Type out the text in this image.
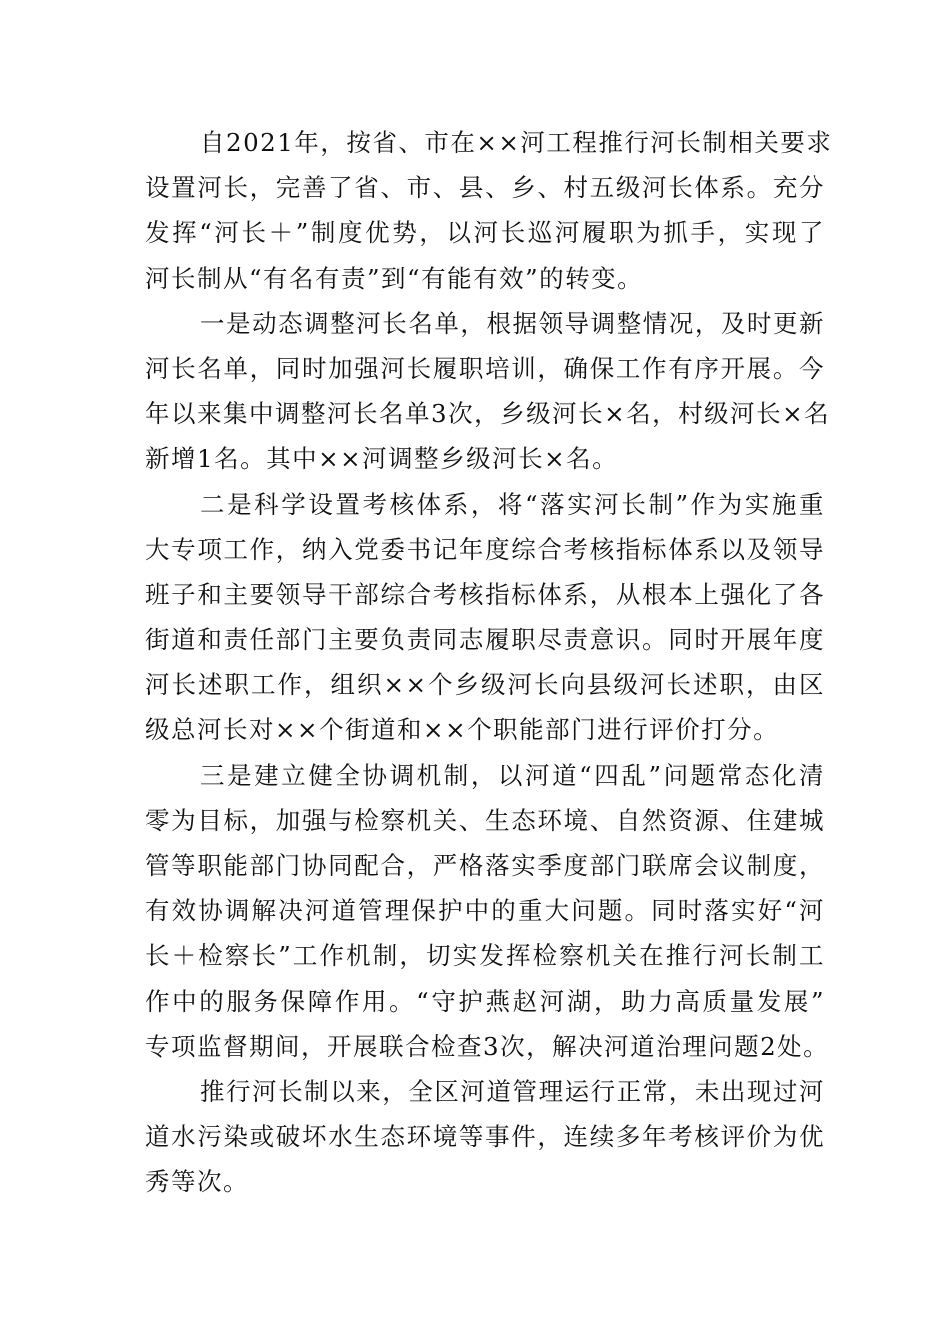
自2021年，按省、市在××河工程推行河长制相关要求
设置河长，完善了省、市、县、乡、村五级河长体系。充分
发挥“河长＋”制度优势，以河长巡河履职为抓手，实现了
河长制从“有名有责”到“有能有效”的转变。
一是动态调整河长名单，根据领导调整情况，及时更新
河长名单，同时加强河长履职培训，确保工作有序开展。今
年以来集中调整河长名单3次，乡级河长×名，村级河长×名
新增1名。其中××河调整乡级河长×名。
二是科学设置考核体系，将“落实河长制”作为实施重
大专项工作，纳入党委书记年度综合考核指标体系以及领导
班子和主要领导干部综合考核指标体系，从根本上强化了各
街道和责任部门主要负责同志履职尽责意识。同时开展年度
河长述职工作，组织××个乡级河长向县级河长述职，由区
级总河长对××个街道和××个职能部门进行评价打分。
三是建立健全协调机制，以河道“四乱”问题常态化清
零为目标，加强与检察机关、生态环境、自然资源、住建城
管等职能部门协同配合，严格落实季度部门联席会议制度，
有效协调解决河道管理保护中的重大问题。同时落实好“河
长＋检察长”工作机制，切实发挥检察机关在推行河长制工
作中的服务保障作用。“守护燕赵河湖，助力高质量发展”
专项监督期间，开展联合检查3次，解决河道治理问题2处。
推行河长制以来，全区河道管理运行正常，未出现过河
道水污染或破坏水生态环境等事件，连续多年考核评价为优
秀等次。
